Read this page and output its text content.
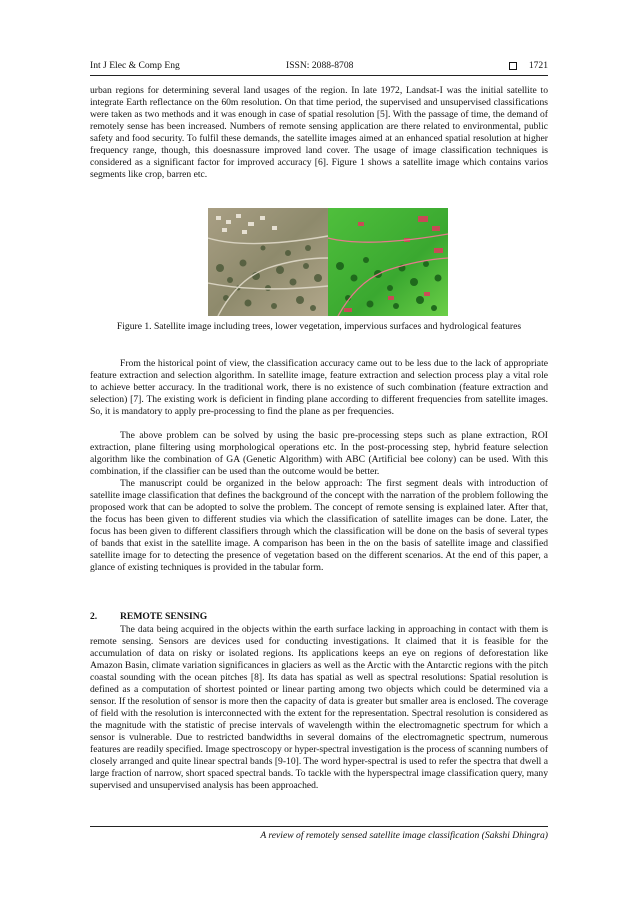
Int J Elec & Comp Eng	ISSN: 2088-8708	1721

urban regions for determining several land usages of the region. In late 1972, Landsat-I was the initial satellite to integrate Earth reflectance on the 60m resolution. On that time period, the supervised and unsupervised classifications were taken as two methods and it was enough in case of spatial resolution [5]. With the passage of time, the demand of remotely sense has been increased. Numbers of remote sensing application are there related to environmental, public safety and food security. To fulfil these demands, the satellite images aimed at an enhanced spatial resolution at higher frequency range, though, this doesnassure improved land cover. The usage of image classification techniques is considered as a significant factor for improved accuracy [6]. Figure 1 shows a satellite image which contains varios segments like crop, barren etc.

Figure 1. Satellite image including trees, lower vegetation, impervious surfaces and hydrological features

From the historical point of view, the classification accuracy came out to be less due to the lack of appropriate feature extraction and selection algorithm. In satellite image, feature extraction and selection process play a vital role to achieve better accuracy. In the traditional work, there is no existence of such combination (feature extraction and selection) [7]. The existing work is deficient in finding plane according to different frequencies from satellite images. So, it is mandatory to apply pre-processing to find the plane as per frequencies.

The above problem can be solved by using the basic pre-processing steps such as plane extraction, ROI extraction, plane filtering using morphological operations etc. In the post-processing step, hybrid feature selection algorithm like the combination of GA (Genetic Algorithm) with ABC (Artificial bee colony) can be used. With this combination, if the classifier can be used than the outcome would be better.

The manuscript could be organized in the below approach: The first segment deals with introduction of satellite image classification that defines the background of the concept with the narration of the problem following the proposed work that can be adopted to solve the problem. The concept of remote sensing is explained later. After that, the focus has been given to different studies via which the classification of satellite images can be done. Later, the focus has been given to different classifiers through which the classification will be done on the basis of several types of bands that exist in the satellite image. A comparison has been in the on the basis of satellite image and classified satellite image for to detecting the presence of vegetation based on the different scenarios. At the end of this paper, a glance of existing techniques is provided in the tabular form.

2. REMOTE SENSING

The data being acquired in the objects within the earth surface lacking in approaching in contact with them is remote sensing. Sensors are devices used for conducting investigations. It claimed that it is feasible for the accumulation of data on risky or isolated regions. Its applications keeps an eye on regions of deforestation like Amazon Basin, climate variation significances in glaciers as well as the Arctic with the Antarctic regions with the pitch coastal sounding with the ocean pitches [8]. Its data has spatial as well as spectral resolutions: Spatial resolution is defined as a computation of shortest pointed or linear parting among two objects which could be determined via a sensor. If the resolution of sensor is more then the capacity of data is greater but smaller area is enclosed. The coverage of field with the resolution is interconnected with the extent for the representation. Spectral resolution is considered as the magnitude with the statistic of precise intervals of wavelength within the electromagnetic spectrum for which a sensor is vulnerable. Due to restricted bandwidths in several domains of the electromagnetic spectrum, numerous features are readily specified. Image spectroscopy or hyper-spectral investigation is the process of scanning numbers of closely arranged and quite linear spectral bands [9-10]. The word hyper-spectral is used to refer the spectra that dwell a large fraction of narrow, short spaced spectral bands. To tackle with the hyperspectral image classification query, many supervised and unsupervised analysis has been approached.

A review of remotely sensed satellite image classification (Sakshi Dhingra)
